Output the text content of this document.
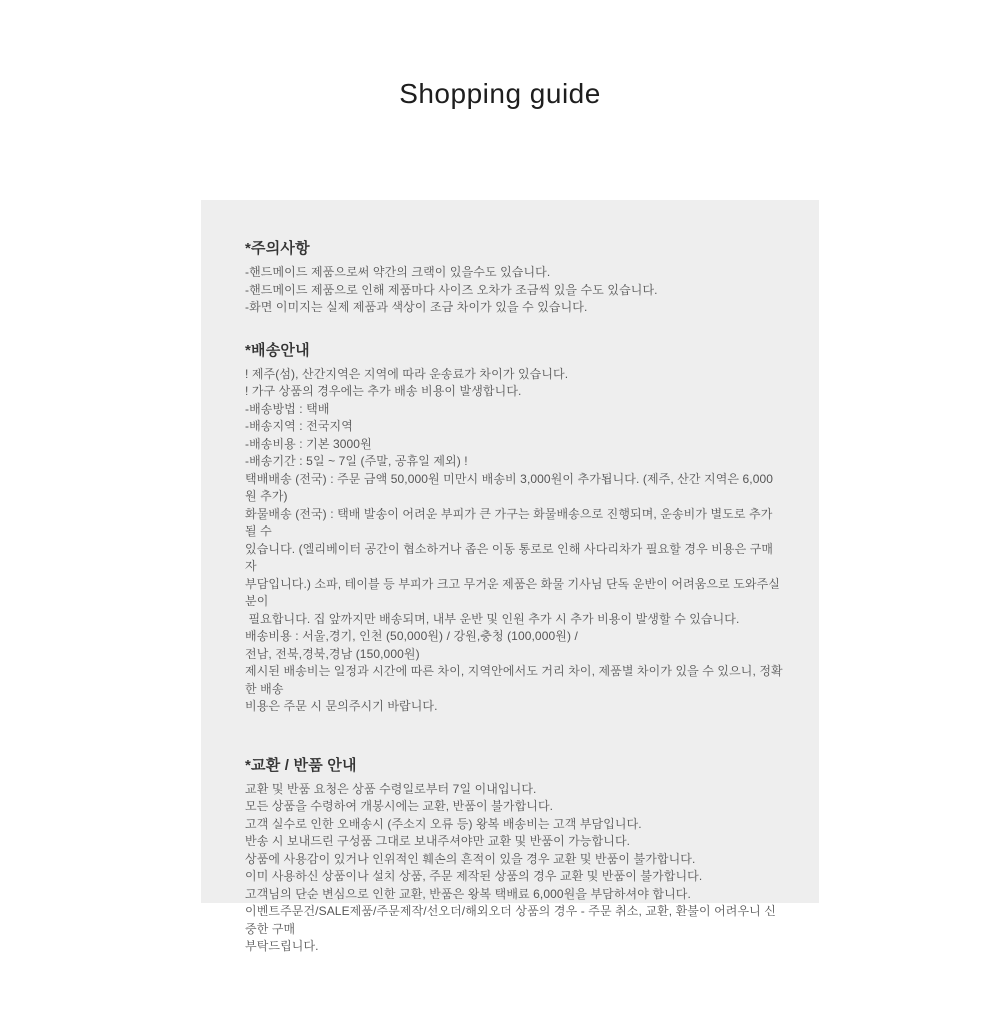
Shopping guide
*주의사항
-핸드메이드 제품으로써 약간의 크랙이 있을수도 있습니다.
-핸드메이드 제품으로 인해 제품마다 사이즈 오차가 조금씩 있을 수도 있습니다.
-화면 이미지는 실제 제품과 색상이 조금 차이가 있을 수 있습니다.
*배송안내
! 제주(섬), 산간지역은 지역에 따라 운송료가 차이가 있습니다.
! 가구 상품의 경우에는 추가 배송 비용이 발생합니다.
-배송방법 : 택배
-배송지역 : 전국지역
-배송비용 : 기본 3000원
-배송기간 : 5일 ~ 7일 (주말, 공휴일 제외) !
택배배송 (전국) : 주문 금액 50,000원 미만시 배송비 3,000원이 추가됩니다. (제주, 산간 지역은 6,000원 추가)
화물배송 (전국) : 택배 발송이 어려운 부피가 큰 가구는 화물배송으로 진행되며, 운송비가 별도로 추가 될 수
있습니다. (엘리베이터 공간이 협소하거나 좁은 이동 통로로 인해 사다리차가 필요할 경우 비용은 구매자
부담입니다.) 소파, 테이블 등 부피가 크고 무거운 제품은 화물 기사님 단독 운반이 어려움으로 도와주실 분이
필요합니다. 집 앞까지만 배송되며, 내부 운반 및 인원 추가 시 추가 비용이 발생할 수 있습니다.
배송비용 : 서울,경기, 인천 (50,000원) / 강원,충청 (100,000원) /
전남, 전북,경북,경남 (150,000원)
제시된 배송비는 일정과 시간에 따른 차이, 지역안에서도 거리 차이, 제품별 차이가 있을 수 있으니, 정확한 배송
비용은 주문 시 문의주시기 바랍니다.
*교환 / 반품 안내
교환 및 반품 요청은 상품 수령일로부터 7일 이내입니다.
모든 상품을 수령하여 개봉시에는 교환, 반품이 불가합니다.
고객 실수로 인한 오배송시 (주소지 오류 등) 왕복 배송비는 고객 부담입니다.
반송 시 보내드린 구성품 그대로 보내주셔야만 교환 및 반품이 가능합니다.
상품에 사용감이 있거나 인위적인 훼손의 흔적이 있을 경우 교환 및 반품이 불가합니다.
이미 사용하신 상품이나 설치 상품, 주문 제작된 상품의 경우 교환 및 반품이 불가합니다.
고객님의 단순 변심으로 인한 교환, 반품은 왕복 택배료 6,000원을 부담하셔야 합니다.
이벤트주문건/SALE제품/주문제작/선오더/해외오더 상품의 경우 - 주문 취소, 교환, 환불이 어려우니 신중한 구매
부탁드립니다.
